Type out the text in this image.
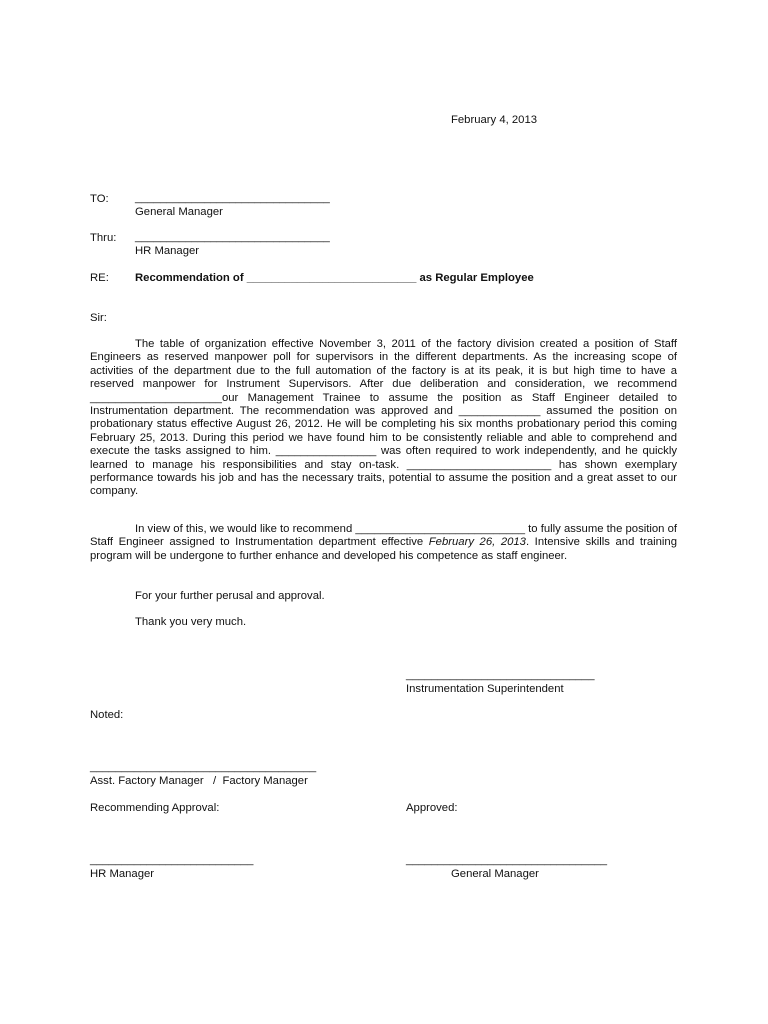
February 4, 2013
TO: _______________________________
General Manager
Thru: _______________________________
HR Manager
RE: Recommendation of ___________________________ as Regular Employee
Sir:
The table of organization effective November 3, 2011 of the factory division created a position of Staff Engineers as reserved manpower poll for supervisors in the different departments. As the increasing scope of activities of the department due to the full automation of the factory is at its peak, it is but high time to have a reserved manpower for Instrument Supervisors. After due deliberation and consideration, we recommend _____________________our Management Trainee to assume the position as Staff Engineer detailed to Instrumentation department. The recommendation was approved and _____________ assumed the position on probationary status effective August 26, 2012. He will be completing his six months probationary period this coming February 25, 2013. During this period we have found him to be consistently reliable and able to comprehend and execute the tasks assigned to him. ________________ was often required to work independently, and he quickly learned to manage his responsibilities and stay on-task. _______________________ has shown exemplary performance towards his job and has the necessary traits, potential to assume the position and a great asset to our company.
In view of this, we would like to recommend ___________________________ to fully assume the position of Staff Engineer assigned to Instrumentation department effective February 26, 2013. Intensive skills and training program will be undergone to further enhance and developed his competence as staff engineer.
For your further perusal and approval.
Thank you very much.
______________________________
Instrumentation Superintendent
Noted:
____________________________________
Asst. Factory Manager   /  Factory Manager
Recommending Approval:	Approved:
__________________________
HR Manager
________________________________
General Manager
